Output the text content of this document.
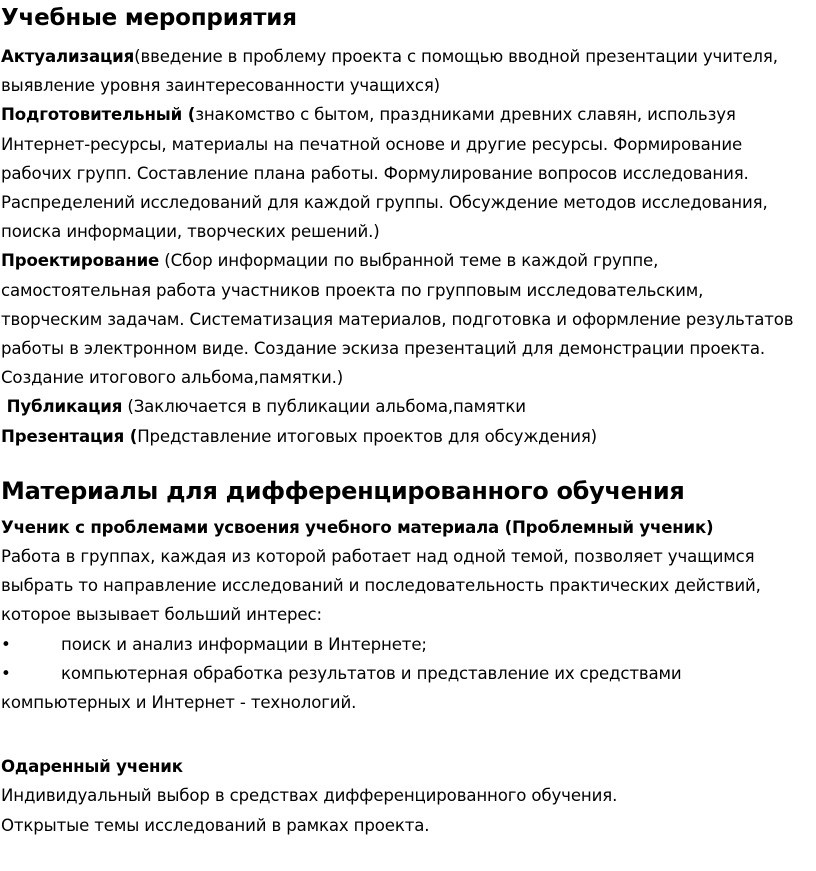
Учебные мероприятия
Актуализация(введение в проблему проекта с помощью вводной презентации учителя,
выявление уровня заинтересованности учащихся)
Подготовительный (знакомство с бытом, праздниками древних славян, используя
Интернет-ресурсы, материалы на печатной основе и другие ресурсы. Формирование
рабочих групп. Составление плана работы. Формулирование вопросов исследования.
Распределений исследований для каждой группы. Обсуждение методов исследования,
поиска информации, творческих решений.)
Проектирование (Сбор информации по выбранной теме в каждой группе,
самостоятельная работа участников проекта по групповым исследовательским,
творческим задачам. Систематизация материалов, подготовка и оформление результатов
работы в электронном виде. Создание эскиза презентаций для демонстрации проекта.
Создание итогового альбома,памятки.)
Публикация (Заключается в публикации альбома,памятки
Презентация (Представление итоговых проектов для обсуждения)
Материалы для дифференцированного обучения
Ученик с проблемами усвоения учебного материала (Проблемный ученик)
Работа в группах, каждая из которой работает над одной темой, позволяет учащимся
выбрать то направление исследований и последовательность практических действий,
которое вызывает больший интерес:
•	поиск и анализ информации в Интернете;
•	компьютерная обработка результатов и представление их средствами
компьютерных и Интернет - технологий.
Одаренный ученик
Индивидуальный выбор в средствах дифференцированного обучения.
Открытые темы исследований в рамках проекта.
